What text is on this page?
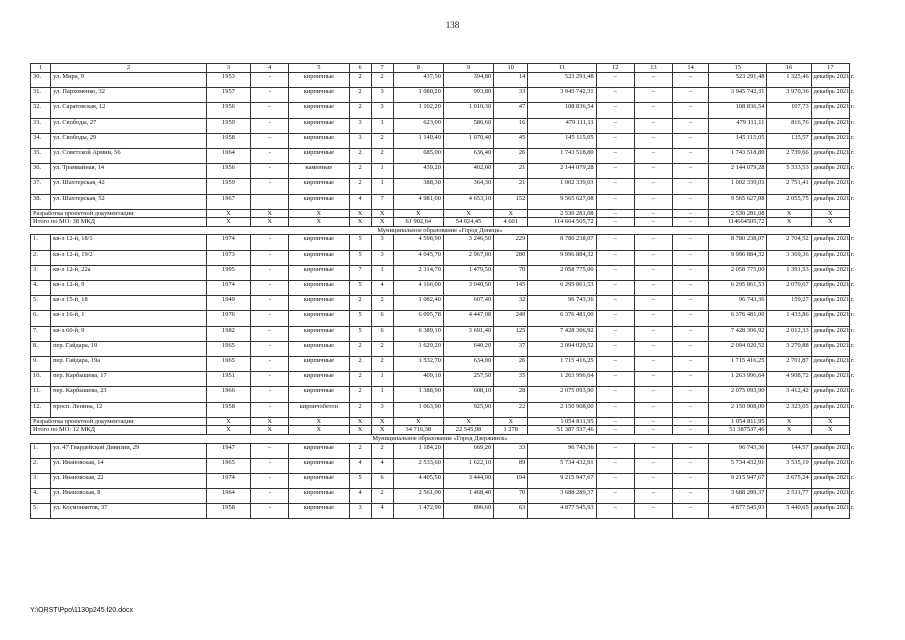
138
1	2	3	4	5	6	7	8	9	10	11	12	13	14	15	16	17
30.	ул. Мира, 9	1953	-	кирпичные	2	2	437,50	394,80	14	523 291,48	–	–	–	523 291,48	1 325,46	декабрь 2021 г.
31.	ул. Пархоменко, 32	1957	-	кирпичные	2	3	1 080,20	993,80	33	3 945 742,31	–	–	–	3 945 742,31	3 970,36	декабрь 2021 г.
32.	ул. Саратовская, 12	1956	–	кирпичные	2	3	1 102,20	1 010,30	47	108 836,54	–	–	–	108 836,54	107,73	декабрь 2021 г.
33.	ул. Свободы, 27	1959	-	кирпичные	3	1	623,00	586,60	16	479 111,11	–	–	–	479 111,11	816,76	декабрь 2021 г.
34.	ул. Свободы, 29	1958	–	кирпичные	3	2	1 149,40	1 070,40	45	145 115,05	–	–	–	145 115,05	135,57	декабрь 2021 г.
35.	ул. Советской Армии, 56	1964	-	кирпичные	2	2	685,00	636,40	26	1 743 518,80	–	–	–	1 743 518,80	2 739,66	декабрь 2021 г.
36.	ул. Трамвайная, 14	1956	-	каменные	2	1	439,20	402,00	21	2 144 079,28	–	–	–	2 144 079,28	5 333,53	декабрь 2021 г.
37.	ул. Шахтерская, 42	1959	-	кирпичные	2	1	388,30	364,30	21	1 002 339,03	–	–	–	1 002 339,03	2 751,41	декабрь 2021 г.
38.	ул. Шахтерская, 52	1967		кирпичные	4	7	4 981,00	4 653,10	152	9 565 627,08	–	–	–	9 565 627,08	2 055,75	декабрь 2021 г.
Разработка проектной документации		X	X	X	X	X	X	X	X	2 530 281,08	–	–	–	2 530 281,08	X	X
Итого по МО: 38 МКД		X	X	X	X	X	61 902,64	54 024,45	4 601	114 664 505,72	–	–	–	114664505,72	X	X
Муниципальное образование «Город Донецк»																
1.	кв-л 12-й, 18/1	1974	-	кирпичные	5	3	4 598,90	3 246,50	229	8 780 238,07	–	–	–	8 780 238,07	2 704,52	декабрь 2021 г.
2.	кв-л 12-й, 19/2	1973	-	кирпичные	5	3	4 045,70	2 967,00	280	9 996 884,32	–	–	–	9 996 884,32	3 369,36	декабрь 2021 г.
3.	кв-л 12-й, 22а	1995	-	кирпичные	7	1	2 314,70	1 479,50	70	2 058 775,00	–	–	–	2 058 775,00	1 391,53	декабрь 2021 г.
4.	кв-л 12-й, 9	1974	-	кирпичные	5	4	4 166,00	3 040,50	145	6 295 861,53	–	–	–	6 295 861,53	2 070,67	декабрь 2021 г.
5.	кв-л 15-й, 18	1949	-	кирпичные	2	2	1 082,40	607,40	32	96 743,36	–	–	–	96 743,36	159,27	декабрь 2021 г.
6.	кв-л 16-й, 1	1976	-	кирпичные	5	6	6 095,78	4 447,08	249	6 376 481,00	–	–	–	6 376 481,00	1 433,86	декабрь 2021 г.
7.	кв-л 60-й, 9	1982	–	кирпичные	5	6	6 389,10	3 691,40	125	7 428 306,92	–	–	–	7 428 306,92	2 012,33	декабрь 2021 г.
8.	пер. Гайдара, 19	1965	-	кирпичные	2	2	1 629,20	640,20	37	2 094 020,52	–	–	–	2 094 020,52	3 270,88	декабрь 2021 г.
9.	пер. Гайдара, 19а	1965	-	кирпичные	2	2	1 532,70	634,90	26	1 715 416,25	–	–	–	1 715 416,25	2 701,87	декабрь 2021 г.
10.	пер. Карбышева, 17	1951	-	кирпичные	2	1	409,10	257,50	35	1 263 996,64	–	–	–	1 263 996,64	4 908,72	декабрь 2021 г.
11.	пер. Карбышева, 23	1966	-	кирпичные	2	1	1 388,90	608,10	28	2 075 093,90	–	–	–	2 075 093,90	3 412,42	декабрь 2021 г.
12.	просп. Ленина, 12	1958	-	кирпичобетон	2	3	1 063,90	925,90	22	2 150 908,00	–	–	–	2 150 908,00	2 323,05	декабрь 2021 г.
Разработка проектной документации		X	X	X	X	X	X	X	X	1 054 811,95	–	–	–	1 054 811,95	X	X
Итого по МО: 12 МКД		X	X	X	X	X	34 716,38	22 545,98	1 278	51 387 537,46	–	–	–	51 387537,46	X	X
Муниципальное образование «Город Дзержинск»																
1.	ул. 47 Гвардейской Дивизии, 29	1947	–	кирпичные	2	2	1 184,20	669,20	33	96 743,36	–	–	–	96 743,36	144,57	декабрь 2021 г.
2.	ул. Ивановская, 14	1965	-	кирпичные	4	4	2 533,60	1 622,10	89	5 734 432,91	–	–	–	5 734 432,91	3 535,19	декабрь 2021 г.
3.	ул. Ивановская, 22	1974	-	кирпичные	5	6	4 405,50	3 444,90	194	9 215 947,67	–	–	–	9 215 947,67	2 675,24	декабрь 2021 г.
4.	ул. Ивановская, 8	1964	-	кирпичные	4	2	2 561,00	1 468,40	70	3 688 289,37	–	–	–	3 688 289,37	2 511,77	декабрь 2021 г.
5.	ул. Космонавтов, 37	1958	-	кирпичные	3	4	1 472,90	896,60	63	4 877 545,93	–	–	–	4 877 545,93	5 440,05	декабрь 2021 г.
Y:\ORST\Ppo\1130p245.f20.docx
